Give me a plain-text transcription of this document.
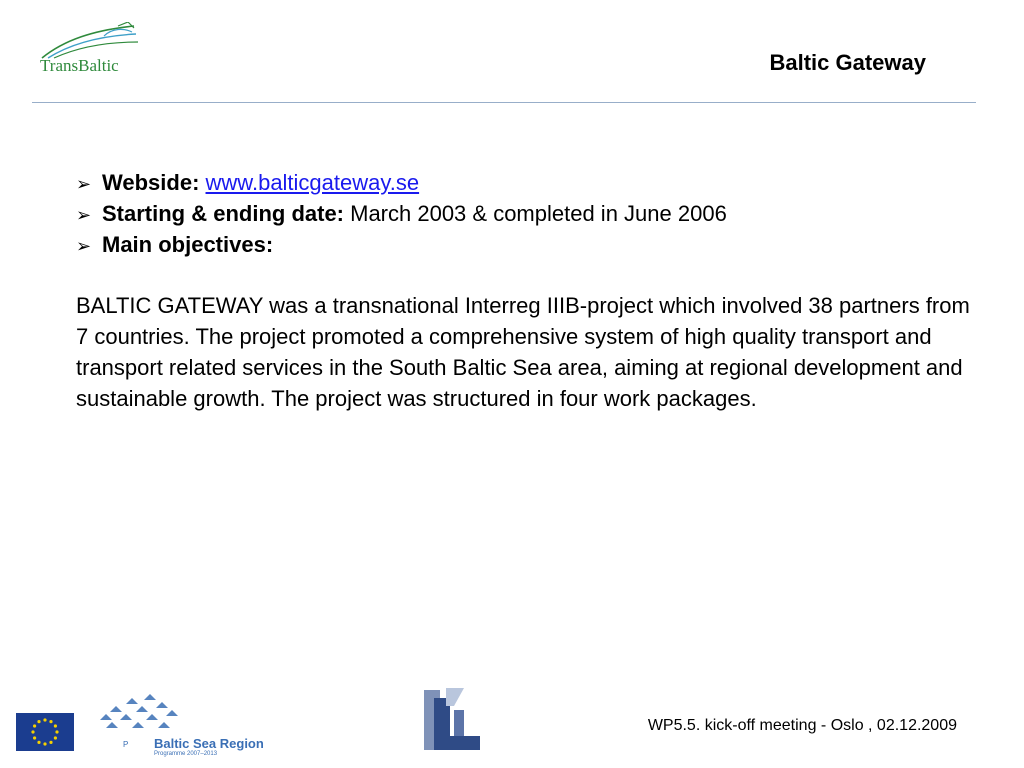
TransBaltic	Baltic Gateway
➢ Webside: www.balticgateway.se
➢ Starting & ending date: March 2003 & completed in June 2006
➢ Main objectives:
BALTIC GATEWAY was a transnational Interreg IIIB-project which involved 38 partners from 7 countries. The project promoted a comprehensive system of high quality transport and transport related services in the South Baltic Sea area, aiming at regional development and sustainable growth. The project was structured in four work packages.
P Baltic Sea Region
Programme 2007–2013
WP5.5. kick-off meeting - Oslo , 02.12.2009
